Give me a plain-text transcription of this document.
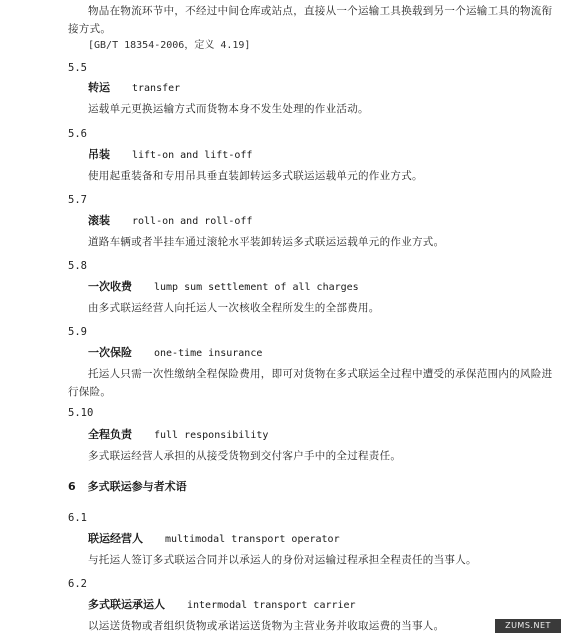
物品在物流环节中，不经过中间仓库或站点，直接从一个运输工具换载到另一个运输工具的物流衔
接方式。
[GB/T 18354-2006，定义 4.19]
5.5
转运 transfer
运载单元更换运输方式而货物本身不发生处理的作业活动。
5.6
吊装 lift-on and lift-off
使用起重装备和专用吊具垂直装卸转运多式联运运载单元的作业方式。
5.7
滚装 roll-on and roll-off
道路车辆或者半挂车通过滚轮水平装卸转运多式联运运载单元的作业方式。
5.8
一次收费 lump sum settlement of all charges
由多式联运经营人向托运人一次核收全程所发生的全部费用。
5.9
一次保险 one-time insurance
托运人只需一次性缴纳全程保险费用，即可对货物在多式联运全过程中遭受的承保范围内的风险进
行保险。
5.10
全程负责 full responsibility
多式联运经营人承担的从接受货物到交付客户手中的全过程责任。
6 多式联运参与者术语
6.1
联运经营人 multimodal transport operator
与托运人签订多式联运合同并以承运人的身份对运输过程承担全程责任的当事人。
6.2
多式联运承运人 intermodal transport carrier
以运送货物或者组织货物或承诺运送货物为主营业务并收取运费的当事人。	ZUMS.NET
